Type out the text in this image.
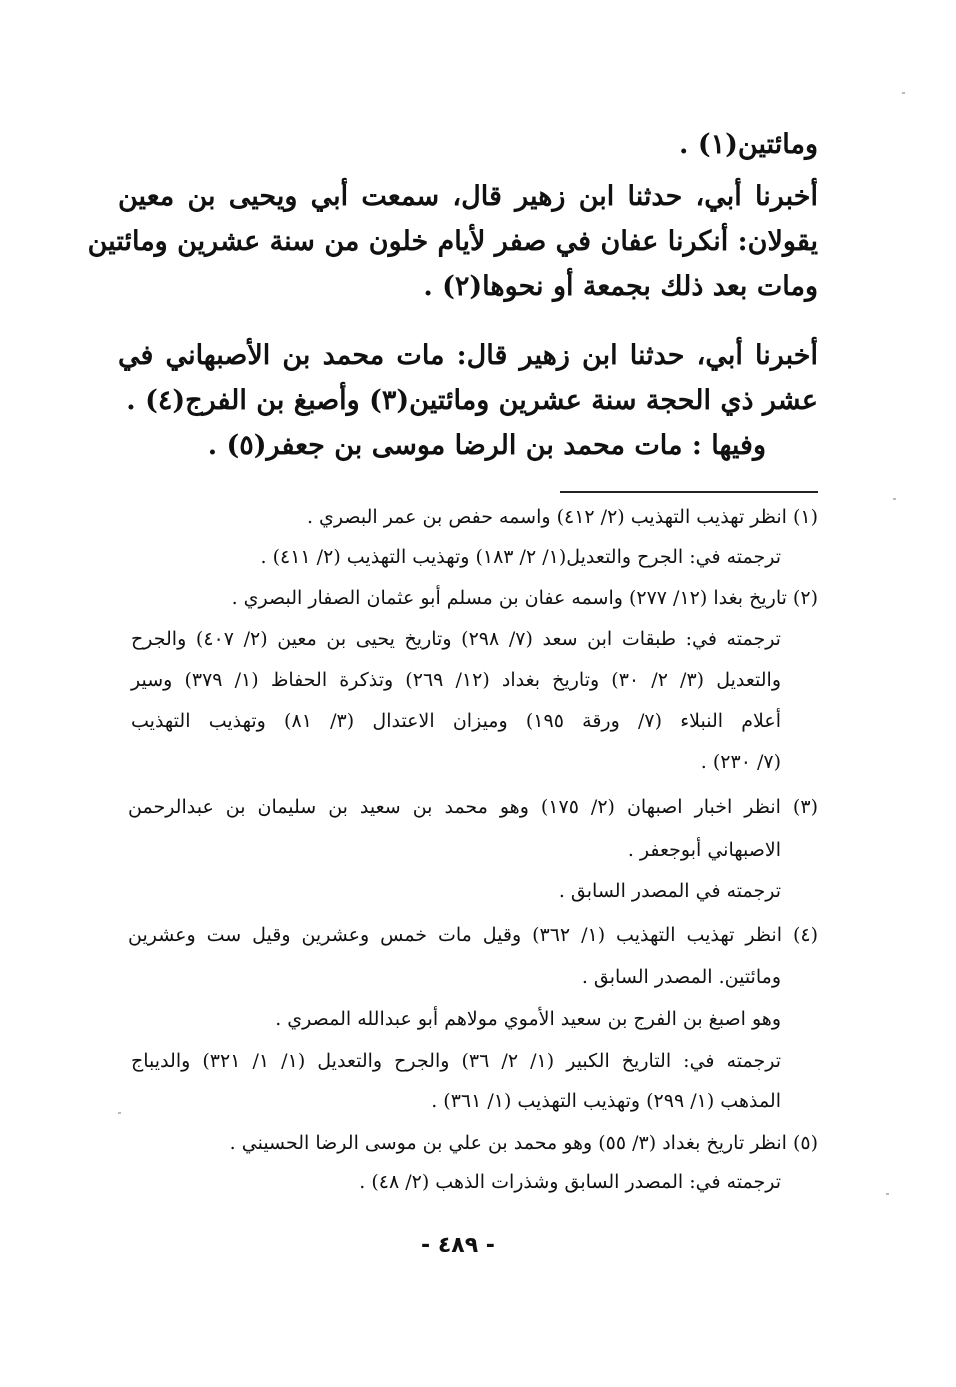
ومائتين(١) .
أخبرنا أبي، حدثنا ابن زهير قال، سمعت أبي ويحيى بن معين
يقولان: أنكرنا عفان في صفر لأيام خلون من سنة عشرين ومائتين
ومات بعد ذلك بجمعة أو نحوها(٢) .
أخبرنا أبي، حدثنا ابن زهير قال: مات محمد بن الأصبهاني في
عشر ذي الحجة سنة عشرين ومائتين(٣) وأصبغ بن الفرج(٤) .
وفيها : مات محمد بن الرضا موسى بن جعفر(٥) .
(١) انظر تهذيب التهذيب (٢/ ٤١٢) واسمه حفص بن عمر البصري .
ترجمته في: الجرح والتعديل(١/ ٢/ ١٨٣) وتهذيب التهذيب (٢/ ٤١١) .
(٢) تاريخ بغدا (١٢/ ٢٧٧) واسمه عفان بن مسلم أبو عثمان الصفار البصري .
ترجمته في: طبقات ابن سعد (٧/ ٢٩٨) وتاريخ يحيى بن معين (٢/ ٤٠٧) والجرح
والتعديل (٣/ ٢/ ٣٠) وتاريخ بغداد (١٢/ ٢٦٩) وتذكرة الحفاظ (١/ ٣٧٩) وسير
أعلام النبلاء (٧/ ورقة ١٩٥) وميزان الاعتدال (٣/ ٨١) وتهذيب التهذيب
(٧/ ٢٣٠) .
(٣) انظر اخبار اصبهان (٢/ ١٧٥) وهو محمد بن سعيد بن سليمان بن عبدالرحمن
الاصبهاني أبوجعفر .
ترجمته في المصدر السابق .
(٤) انظر تهذيب التهذيب (١/ ٣٦٢) وقيل مات خمس وعشرين وقيل ست وعشرين
ومائتين. المصدر السابق .
وهو اصبغ بن الفرج بن سعيد الأموي مولاهم أبو عبدالله المصري .
ترجمته في: التاريخ الكبير (١/ ٢/ ٣٦) والجرح والتعديل (١/ ١/ ٣٢١) والديباج
المذهب (١/ ٢٩٩) وتهذيب التهذيب (١/ ٣٦١) .
(٥) انظر تاريخ بغداد (٣/ ٥٥) وهو محمد بن علي بن موسى الرضا الحسيني .
ترجمته في: المصدر السابق وشذرات الذهب (٢/ ٤٨) .
- ٤٨٩ -
